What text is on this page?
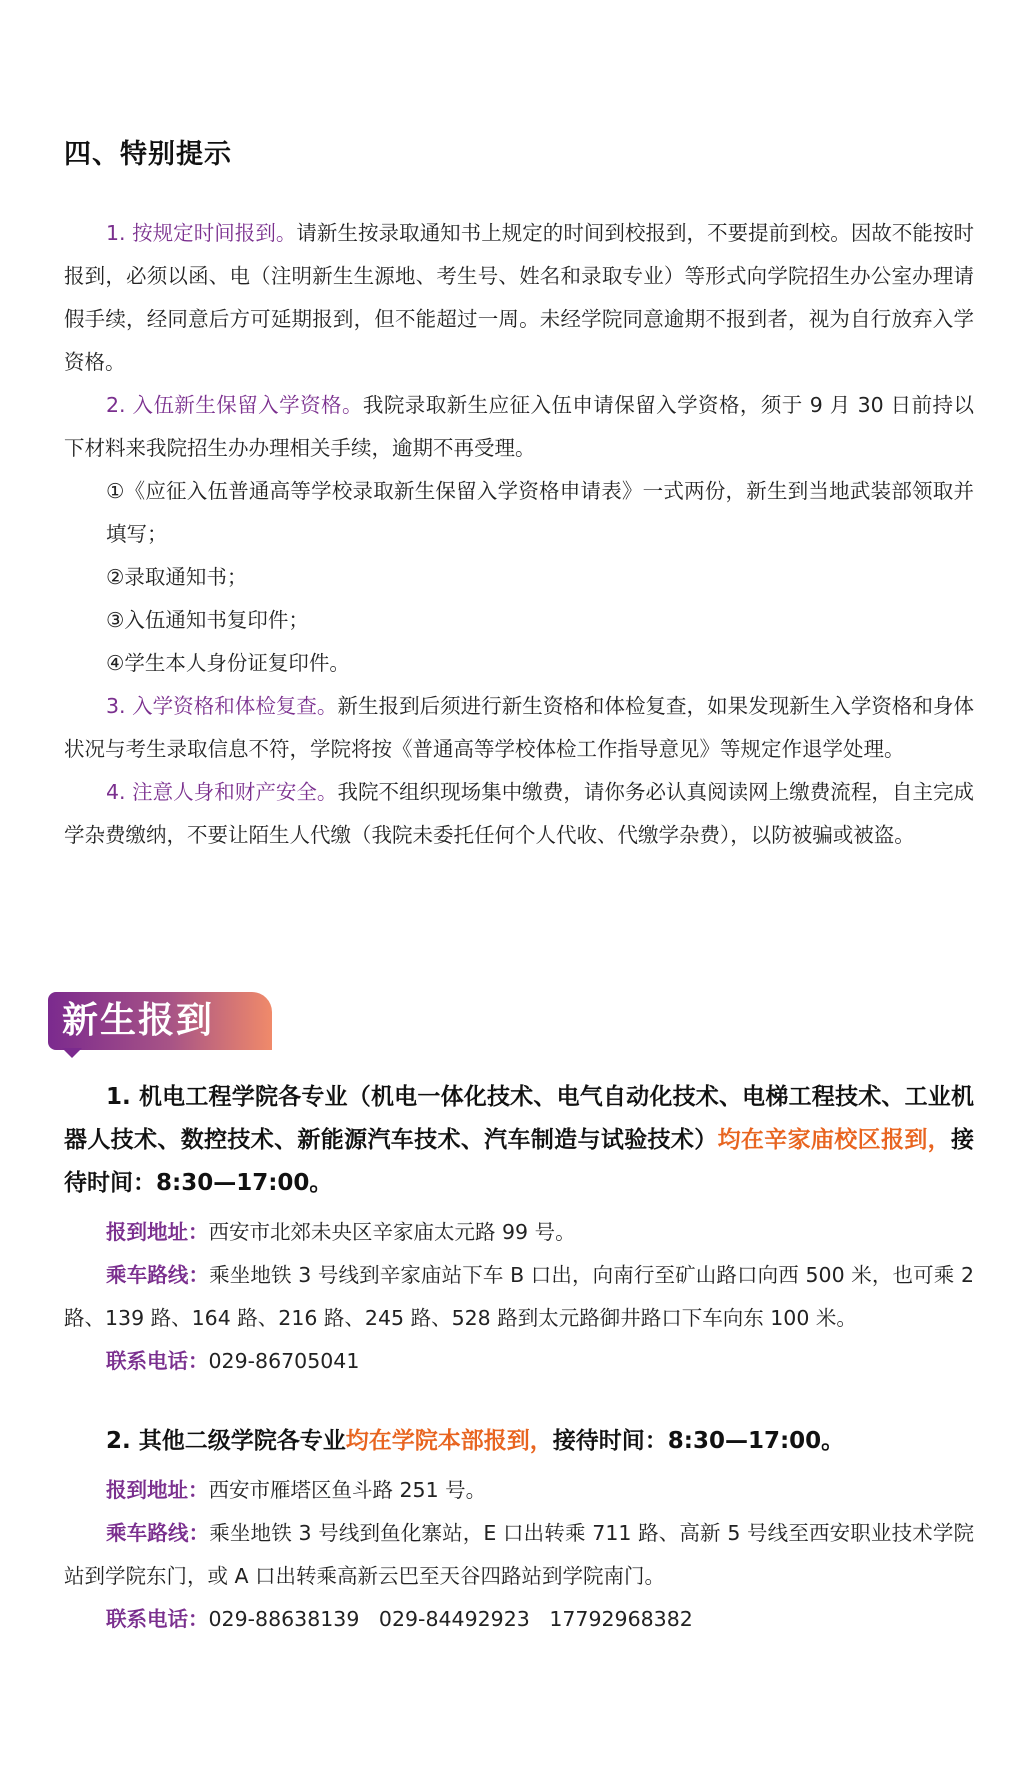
四、特别提示

1. 按规定时间报到。请新生按录取通知书上规定的时间到校报到，不要提前到校。因故不能按时报到，必须以函、电（注明新生生源地、考生号、姓名和录取专业）等形式向学院招生办公室办理请假手续，经同意后方可延期报到，但不能超过一周。未经学院同意逾期不报到者，视为自行放弃入学资格。

2. 入伍新生保留入学资格。我院录取新生应征入伍申请保留入学资格，须于 9 月 30 日前持以下材料来我院招生办办理相关手续，逾期不再受理。

①《应征入伍普通高等学校录取新生保留入学资格申请表》一式两份，新生到当地武装部领取并填写；

②录取通知书；

③入伍通知书复印件；

④学生本人身份证复印件。

3. 入学资格和体检复查。新生报到后须进行新生资格和体检复查，如果发现新生入学资格和身体状况与考生录取信息不符，学院将按《普通高等学校体检工作指导意见》等规定作退学处理。

4. 注意人身和财产安全。我院不组织现场集中缴费，请你务必认真阅读网上缴费流程，自主完成学杂费缴纳，不要让陌生人代缴（我院未委托任何个人代收、代缴学杂费），以防被骗或被盗。

新生报到

1. 机电工程学院各专业（机电一体化技术、电气自动化技术、电梯工程技术、工业机器人技术、数控技术、新能源汽车技术、汽车制造与试验技术）均在辛家庙校区报到，接待时间：8:30—17:00。

报到地址：西安市北郊未央区辛家庙太元路 99 号。

乘车路线：乘坐地铁 3 号线到辛家庙站下车 B 口出，向南行至矿山路口向西 500 米，也可乘 2 路、139 路、164 路、216 路、245 路、528 路到太元路御井路口下车向东 100 米。

联系电话：029-86705041

2. 其他二级学院各专业均在学院本部报到，接待时间：8:30—17:00。

报到地址：西安市雁塔区鱼斗路 251 号。

乘车路线：乘坐地铁 3 号线到鱼化寨站，E 口出转乘 711 路、高新 5 号线至西安职业技术学院站到学院东门，或 A 口出转乘高新云巴至天谷四路站到学院南门。

联系电话：029-88638139   029-84492923   17792968382
